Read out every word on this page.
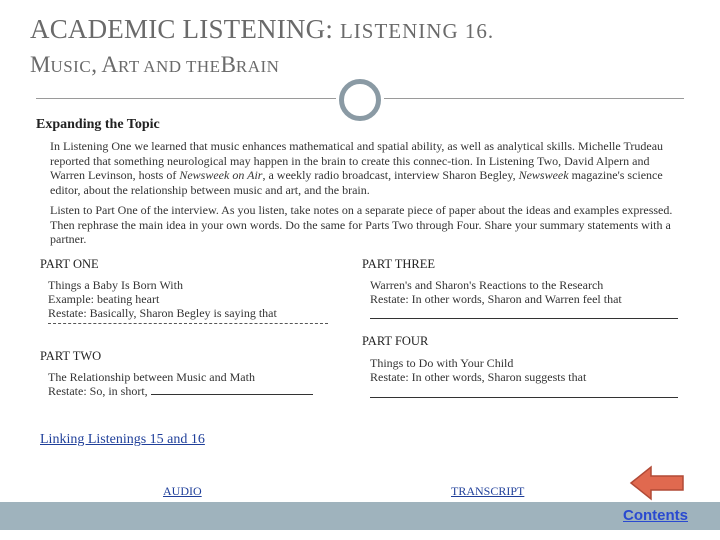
ACADEMIC LISTENING: LISTENING 16.
MUSIC, ART AND THEBRAIN
Expanding the Topic
In Listening One we learned that music enhances mathematical and spatial ability, as well as analytical skills. Michelle Trudeau reported that something neurological may happen in the brain to create this connec-tion. In Listening Two, David Alpern and Warren Levinson, hosts of Newsweek on Air, a weekly radio broadcast, interview Sharon Begley, Newsweek magazine's science editor, about the relationship between music and art, and the brain.
Listen to Part One of the interview. As you listen, take notes on a separate piece of paper about the ideas and examples expressed. Then rephrase the main idea in your own words. Do the same for Parts Two through Four. Share your summary statements with a partner.
PART ONE
Things a Baby Is Born With
Example: beating heart
Restate: Basically, Sharon Begley is saying that
PART TWO
The Relationship between Music and Math
Restate: So, in short,
PART THREE
Warren's and Sharon's Reactions to the Research
Restate: In other words, Sharon and Warren feel that
PART FOUR
Things to Do with Your Child
Restate: In other words, Sharon suggests that
Linking Listenings 15 and 16
AUDIO	TRANSCRIPT
Contents
